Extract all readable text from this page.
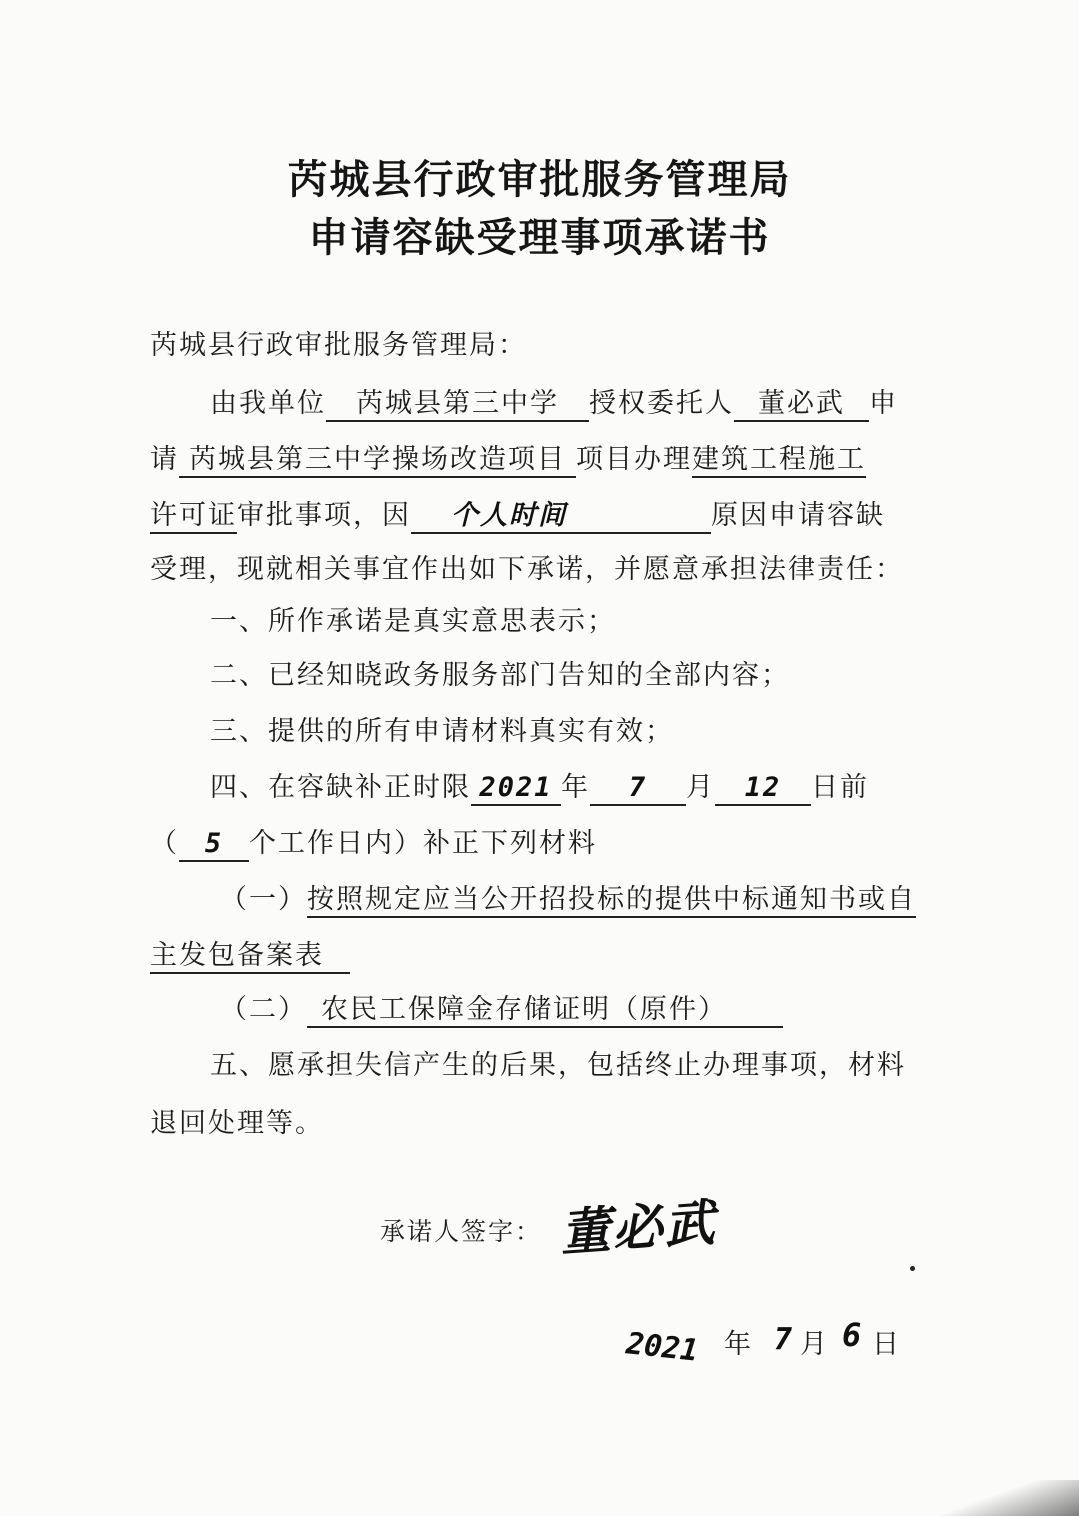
芮城县行政审批服务管理局
申请容缺受理事项承诺书
芮城县行政审批服务管理局：
由我单位 芮城县第三中学 授权委托人 董必武 申
请 芮城县第三中学操场改造项目 项目办理建筑工程施工
许可证审批事项，因 个人时间	原因申请容缺
受理，现就相关事宜作出如下承诺，并愿意承担法律责任：
一、所作承诺是真实意思表示；
二、已经知晓政务服务部门告知的全部内容；
三、提供的所有申请材料真实有效；
四、在容缺补正时限 2021 年 7 月 12 日前
（ 5 个工作日内）补正下列材料
（一）按照规定应当公开招投标的提供中标通知书或自
主发包备案表
（二） 农民工保障金存储证明（原件）
五、愿承担失信产生的后果，包括终止办理事项，材料
退回处理等。
承诺人签字： 董必武
2021 年 7 月 6 日
